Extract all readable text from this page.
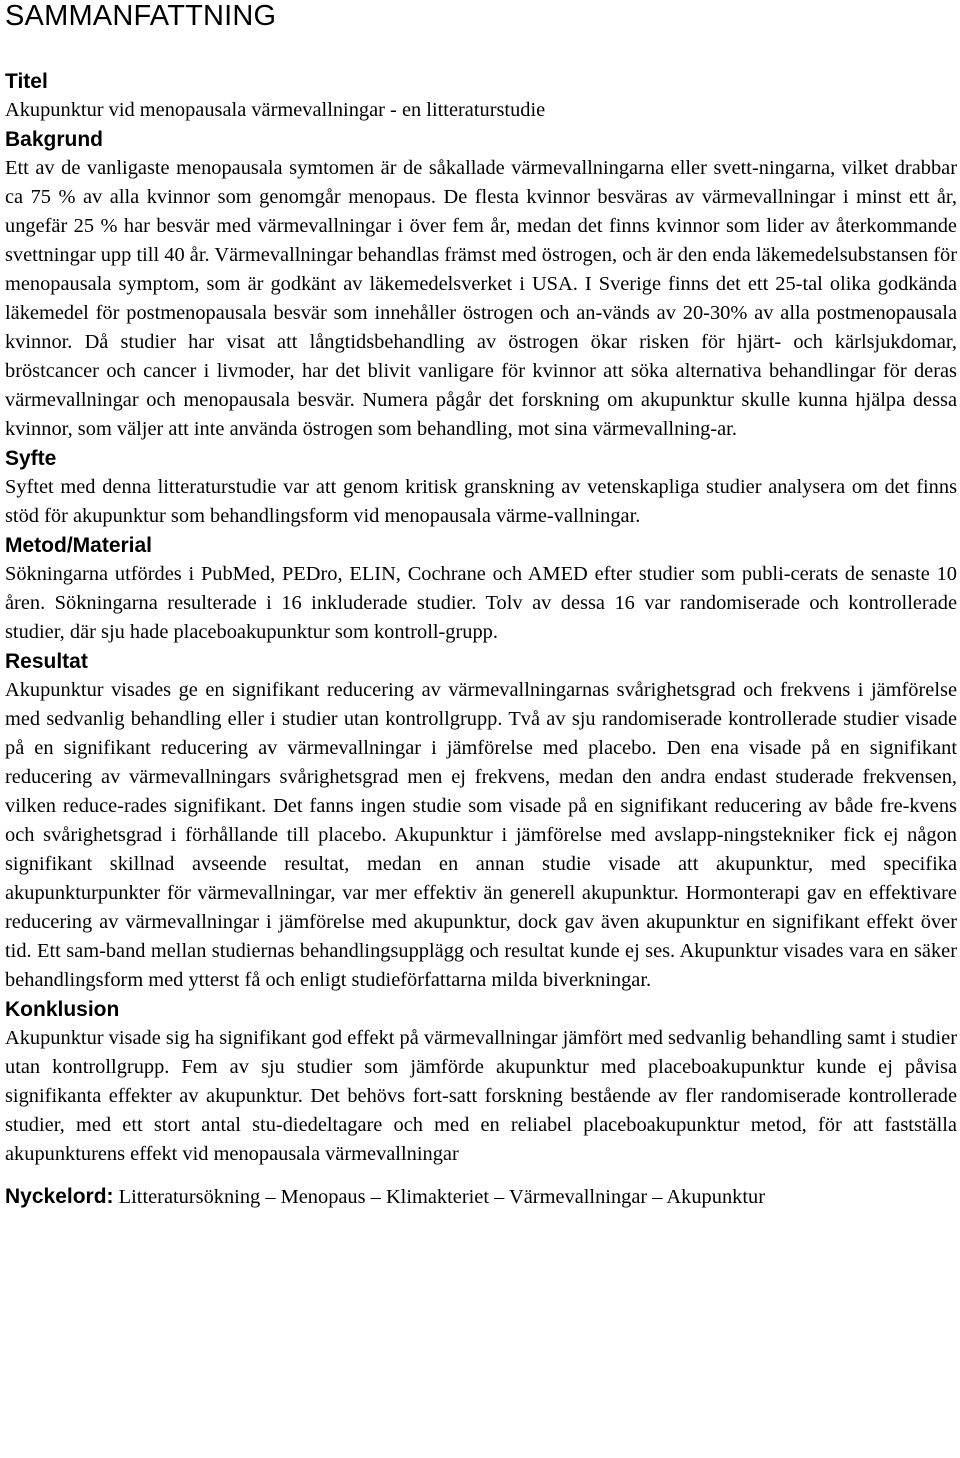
SAMMANFATTNING
Titel

Akupunktur vid menopausala värmevallningar - en litteraturstudie

Bakgrund

Ett av de vanligaste menopausala symtomen är de såkallade värmevallningarna eller svett-ningarna, vilket drabbar ca 75 % av alla kvinnor som genomgår menopaus. De flesta kvinnor besväras av värmevallningar i minst ett år, ungefär 25 % har besvär med värmevallningar i över fem år, medan det finns kvinnor som lider av återkommande svettningar upp till 40 år. Värmevallningar behandlas främst med östrogen, och är den enda läkemedelsubstansen för menopausala symptom, som är godkänt av läkemedelsverket i USA. I Sverige finns det ett 25-tal olika godkända läkemedel för postmenopausala besvär som innehåller östrogen och an-vänds av 20-30% av alla postmenopausala kvinnor. Då studier har visat att långtidsbehandling av östrogen ökar risken för hjärt- och kärlsjukdomar, bröstcancer och cancer i livmoder, har det blivit vanligare för kvinnor att söka alternativa behandlingar för deras värmevallningar och menopausala besvär. Numera pågår det forskning om akupunktur skulle kunna hjälpa dessa kvinnor, som väljer att inte använda östrogen som behandling, mot sina värmevallning-ar.

Syfte

Syftet med denna litteraturstudie var att genom kritisk granskning av vetenskapliga studier analysera om det finns stöd för akupunktur som behandlingsform vid menopausala värme-vallningar.

Metod/Material

Sökningarna utfördes i PubMed, PEDro, ELIN, Cochrane och AMED efter studier som publi-cerats de senaste 10 åren. Sökningarna resulterade i 16 inkluderade studier. Tolv av dessa 16 var randomiserade och kontrollerade studier, där sju hade placeboakupunktur som kontroll-grupp.

Resultat

Akupunktur visades ge en signifikant reducering av värmevallningarnas svårighetsgrad och frekvens i jämförelse med sedvanlig behandling eller i studier utan kontrollgrupp. Två av sju randomiserade kontrollerade studier visade på en signifikant reducering av värmevallningar i jämförelse med placebo. Den ena visade på en signifikant reducering av värmevallningars svårighetsgrad men ej frekvens, medan den andra endast studerade frekvensen, vilken reduce-rades signifikant. Det fanns ingen studie som visade på en signifikant reducering av både fre-kvens och svårighetsgrad i förhållande till placebo. Akupunktur i jämförelse med avslapp-ningstekniker fick ej någon signifikant skillnad avseende resultat, medan en annan studie visade att akupunktur, med specifika akupunkturpunkter för värmevallningar, var mer effektiv än generell akupunktur. Hormonterapi gav en effektivare reducering av värmevallningar i jämförelse med akupunktur, dock gav även akupunktur en signifikant effekt över tid. Ett sam-band mellan studiernas behandlingsupplägg och resultat kunde ej ses. Akupunktur visades vara en säker behandlingsform med ytterst få och enligt studieförfattarna milda biverkningar.

Konklusion

Akupunktur visade sig ha signifikant god effekt på värmevallningar jämfört med sedvanlig behandling samt i studier utan kontrollgrupp. Fem av sju studier som jämförde akupunktur med placeboakupunktur kunde ej påvisa signifikanta effekter av akupunktur. Det behövs fort-satt forskning bestående av fler randomiserade kontrollerade studier, med ett stort antal stu-diedeltagare och med en reliabel placeboakupunktur metod, för att fastställa akupunkturens effekt vid menopausala värmevallningar

Nyckelord: Litteratursökning – Menopaus – Klimakteriet – Värmevallningar – Akupunktur
